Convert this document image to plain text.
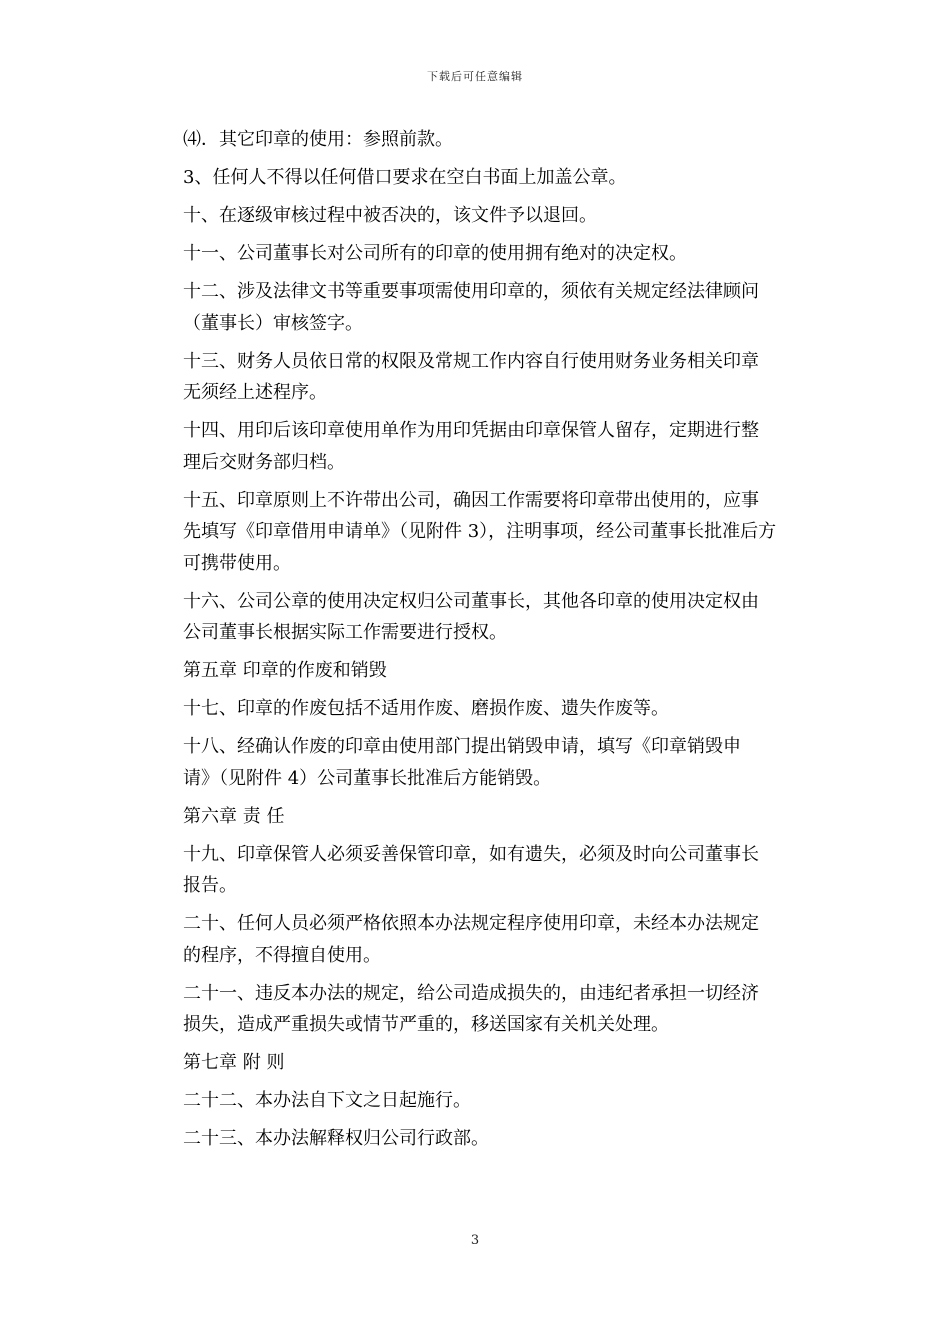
下载后可任意编辑

⑷．其它印章的使用：参照前款。

3、任何人不得以任何借口要求在空白书面上加盖公章。

十、在逐级审核过程中被否决的，该文件予以退回。

十一、公司董事长对公司所有的印章的使用拥有绝对的决定权。

十二、涉及法律文书等重要事项需使用印章的，须依有关规定经法律顾问
（董事长）审核签字。

十三、财务人员依日常的权限及常规工作内容自行使用财务业务相关印章
无须经上述程序。

十四、用印后该印章使用单作为用印凭据由印章保管人留存，定期进行整
理后交财务部归档。

十五、印章原则上不许带出公司，确因工作需要将印章带出使用的，应事
先填写《印章借用申请单》（见附件 3），注明事项，经公司董事长批准后方
可携带使用。

十六、公司公章的使用决定权归公司董事长，其他各印章的使用决定权由
公司董事长根据实际工作需要进行授权。

第五章 印章的作废和销毁

十七、印章的作废包括不适用作废、磨损作废、遗失作废等。

十八、经确认作废的印章由使用部门提出销毁申请，填写《印章销毁申
请》（见附件 4）公司董事长批准后方能销毁。

第六章 责 任

十九、印章保管人必须妥善保管印章，如有遗失，必须及时向公司董事长
报告。

二十、任何人员必须严格依照本办法规定程序使用印章，未经本办法规定
的程序，不得擅自使用。

二十一、违反本办法的规定，给公司造成损失的，由违纪者承担一切经济
损失，造成严重损失或情节严重的，移送国家有关机关处理。

第七章 附 则

二十二、本办法自下文之日起施行。

二十三、本办法解释权归公司行政部。

3
